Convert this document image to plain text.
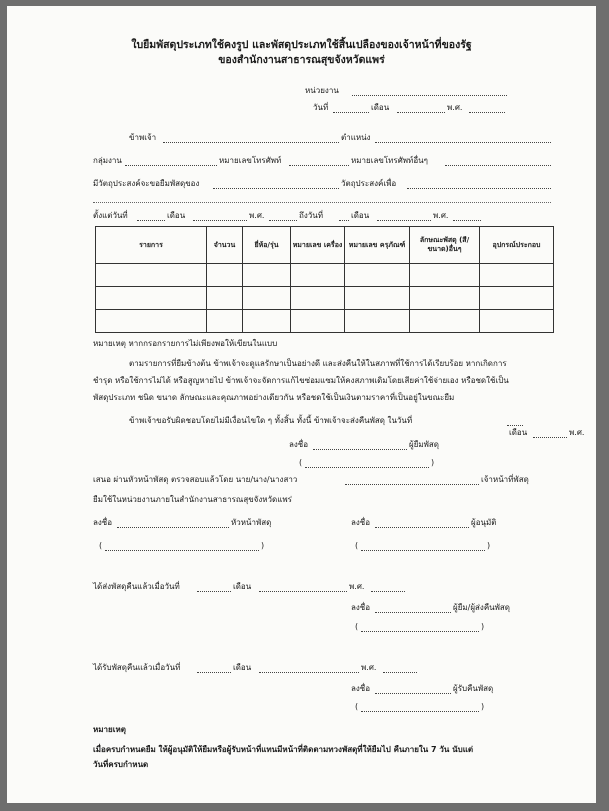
ใบยืมพัสดุประเภทใช้คงรูป และพัสดุประเภทใช้สิ้นเปลืองของเจ้าหน้าที่ของรัฐ
ของสำนักงานสาธารณสุขจังหวัดแพร่
หน่วยงาน
วันที่	เดือน	พ.ศ.
ข้าพเจ้า	ตำแหน่ง
กลุ่มงาน	หมายเลขโทรศัพท์	หมายเลขโทรศัพท์อื่นๆ
มีวัตถุประสงค์จะขอยืมพัสดุของ	วัตถุประสงค์เพื่อ
ตั้งแต่วันที่	เดือน	พ.ศ.	ถึงวันที่	เดือน	พ.ศ.
รายการ	จำนวน	ยี่ห้อ/รุ่น	หมายเลข เครื่อง	หมายเลข ครุภัณฑ์	ลักษณะพัสดุ (สี/ขนาด)อื่นๆ	อุปกรณ์ประกอบ

หมายเหตุ หากกรอกรายการไม่เพียงพอให้เขียนในแบบ
ตามรายการที่ยืมข้างต้น ข้าพเจ้าจะดูแลรักษาเป็นอย่างดี และส่งคืนให้ในสภาพที่ใช้การได้เรียบร้อย หากเกิดการ
ชำรุด หรือใช้การไม่ได้ หรือสูญหายไป ข้าพเจ้าจะจัดการแก้ไขซ่อมแซมให้คงสภาพเดิมโดยเสียค่าใช้จ่ายเอง หรือชดใช้เป็น
พัสดุประเภท ชนิด ขนาด ลักษณะและคุณภาพอย่างเดียวกัน หรือชดใช้เป็นเงินตามราคาที่เป็นอยู่ในขณะยืม
ข้าพเจ้าขอรับผิดชอบโดยไม่มีเงื่อนไขใด ๆ ทั้งสิ้น ทั้งนี้ ข้าพเจ้าจะส่งคืนพัสดุ ในวันที่
เดือน	พ.ศ.
ลงชื่อ	ผู้ยืมพัสดุ
(	)
เสนอ ผ่านหัวหน้าพัสดุ ตรวจสอบแล้วโดย นาย/นาง/นางสาว	เจ้าหน้าที่พัสดุ
ยืมใช้ในหน่วยงานภายในสำนักงานสาธารณสุขจังหวัดแพร่
ลงชื่อ	หัวหน้าพัสดุ
(	)
ลงชื่อ	ผู้อนุมัติ
(	)
ได้ส่งพัสดุคืนแล้วเมื่อวันที่	เดือน	พ.ศ.
ลงชื่อ	ผู้ยืม/ผู้ส่งคืนพัสดุ
(	)
ได้รับพัสดุคืนแล้วเมื่อวันที่	เดือน	พ.ศ.
ลงชื่อ	ผู้รับคืนพัสดุ
(	)
หมายเหตุ
เมื่อครบกำหนดยืม ให้ผู้อนุมัติให้ยืมหรือผู้รับหน้าที่แทนมีหน้าที่ติดตามทวงพัสดุที่ให้ยืมไป คืนภายใน 7 วัน นับแต่
วันที่ครบกำหนด
